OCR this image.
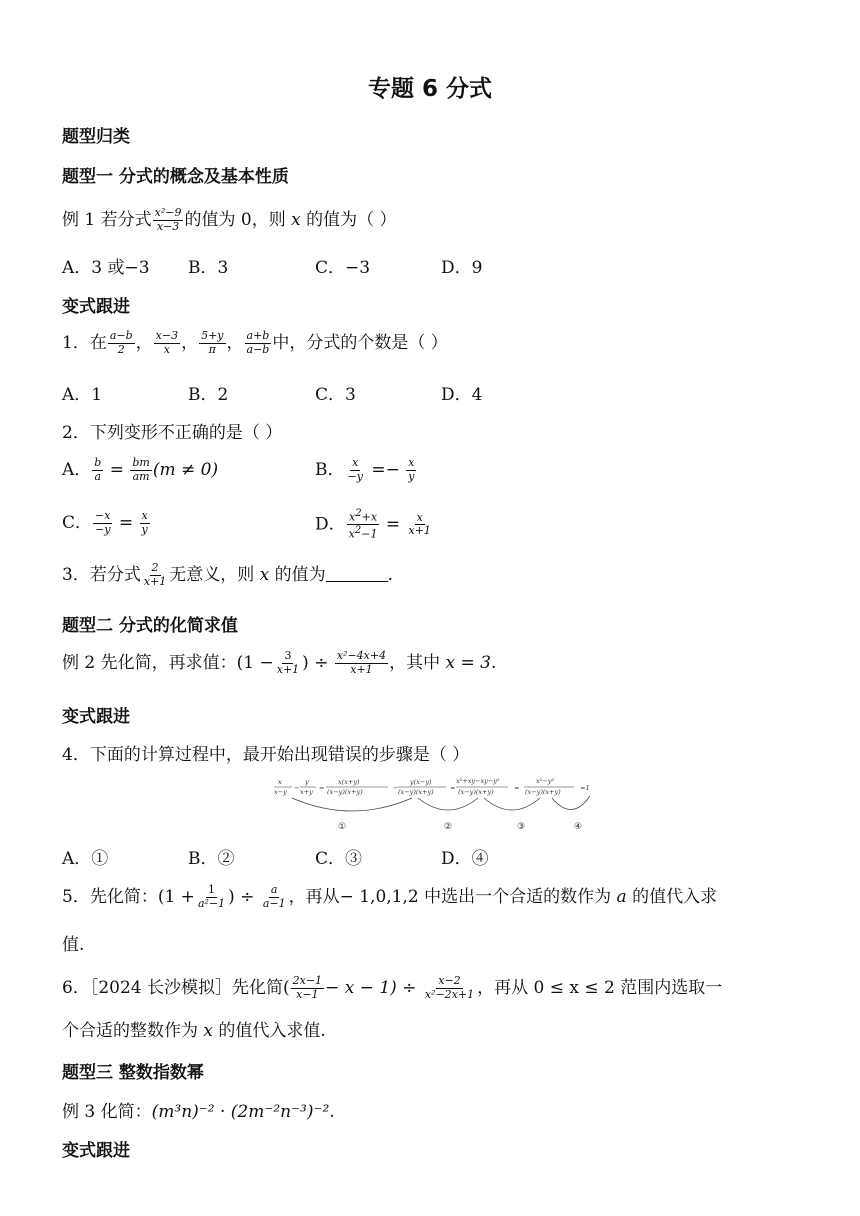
专题 6 分式
题型归类
题型一 分式的概念及基本性质
例 1 若分式 $\frac{\text{x²−9}}{x-3}$ 的值为 0，则 x 的值为（ ）
A．3 或−3 B．3	C．−3	D．9
变式跟进
1．在 $\frac{a-b}{2}$ ， $\frac{x-3}{x}$ ， $\frac{5+y}{\pi}$ ， $\frac{a+b}{a-b}$ 中，分式的个数是（ ）
A．1	B．2	C．3	D．4
2．下列变形不正确的是（ ）
A． $\frac{b}{a} = \frac{bm}{am} (m \ne 0)$	B． $\frac{x}{-y} =- \frac{x}{y}$
C． $\frac{-x}{-y} = \frac{x}{y}$	D． $\frac{x^2+x}{x^2-1} = \frac{x}{x+1}$
3．若分式 $\frac{2}{x+1}$ 无意义，则 x 的值为	.
题型二 分式的化简求值
例 2 先化简，再求值：($1 - \frac{3}{x+1}$ ) ÷ $\frac{\text{x²−4x+4}}{x+1}$ ，其中 x = 3.
变式跟进
4．下面的计算过程中，最开始出现错误的步骤是（ ）
x
x−y −
y
x+y =
x(x+y)
(x−y)(x+y)	−
y(x−y)
(x−y)(x+y)	=
x²+xy−xy−y²
(x−y)(x+y)	=
x²−y²
(x−y)(x+y)	=1
①	②	③	④
A．①	B．②	C．③	D．④
5．先化简：($1 + \frac{1}{\text{a²−1}}$ ) ÷ $\frac{a}{a-1}$ ，再从− 1,0,1,2 中选出一个合适的数作为 a 的值代入求
值.
6．［2024 长沙模拟］先化简( $\frac{2x-1}{x-1} - x - 1) \div \frac{x-2}{\text{x²−2x+1}}$ ，再从 0 ≤ x ≤ 2 范围内选取一
个合适的整数作为 x 的值代入求值.
题型三 整数指数幂
例 3 化简：(m³n)⁻² · (2m⁻²n⁻³)⁻².
变式跟进
